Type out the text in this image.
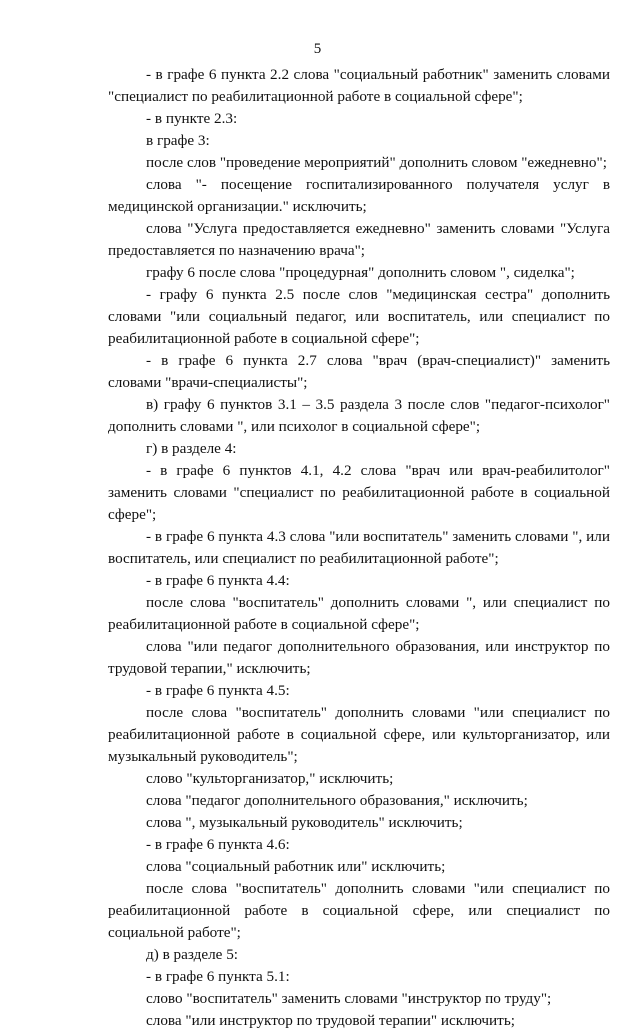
5

- в графе 6 пункта 2.2 слова "социальный работник" заменить словами "специалист по реабилитационной работе в социальной сфере";

- в пункте 2.3:

в графе 3:

после слов "проведение мероприятий" дополнить словом "ежедневно";

слова "- посещение госпитализированного получателя услуг в медицинской организации." исключить;

слова "Услуга предоставляется ежедневно" заменить словами "Услуга предоставляется по назначению врача";

графу 6 после слова "процедурная" дополнить словом ", сиделка";

- графу 6 пункта 2.5 после слов "медицинская сестра" дополнить словами "или социальный педагог, или воспитатель, или специалист по реабилитационной работе в социальной сфере";

- в графе 6 пункта 2.7 слова "врач (врач-специалист)" заменить словами "врачи-специалисты";

в) графу 6 пунктов 3.1 – 3.5 раздела 3 после слов "педагог-психолог" дополнить словами ", или психолог в социальной сфере";

г) в разделе 4:

- в графе 6 пунктов 4.1, 4.2 слова "врач или врач-реабилитолог" заменить словами "специалист по реабилитационной работе в социальной сфере";

- в графе 6 пункта 4.3 слова "или воспитатель" заменить словами ", или воспитатель, или специалист по реабилитационной работе";

- в графе 6 пункта 4.4:

после слова "воспитатель" дополнить словами ", или специалист по реабилитационной работе в социальной сфере";

слова "или педагог дополнительного образования, или инструктор по трудовой терапии," исключить;

- в графе 6 пункта 4.5:

после слова "воспитатель" дополнить словами "или специалист по реабилитационной работе в социальной сфере, или культорганизатор, или музыкальный руководитель";

слово "культорганизатор," исключить;

слова "педагог дополнительного образования," исключить;

слова ", музыкальный руководитель" исключить;

- в графе 6 пункта 4.6:

слова "социальный работник или" исключить;

после слова "воспитатель" дополнить словами "или специалист по реабилитационной работе в социальной сфере, или специалист по социальной работе";

д) в разделе 5:

- в графе 6 пункта 5.1:

слово "воспитатель" заменить словами "инструктор по труду";

слова "или инструктор по трудовой терапии" исключить;
